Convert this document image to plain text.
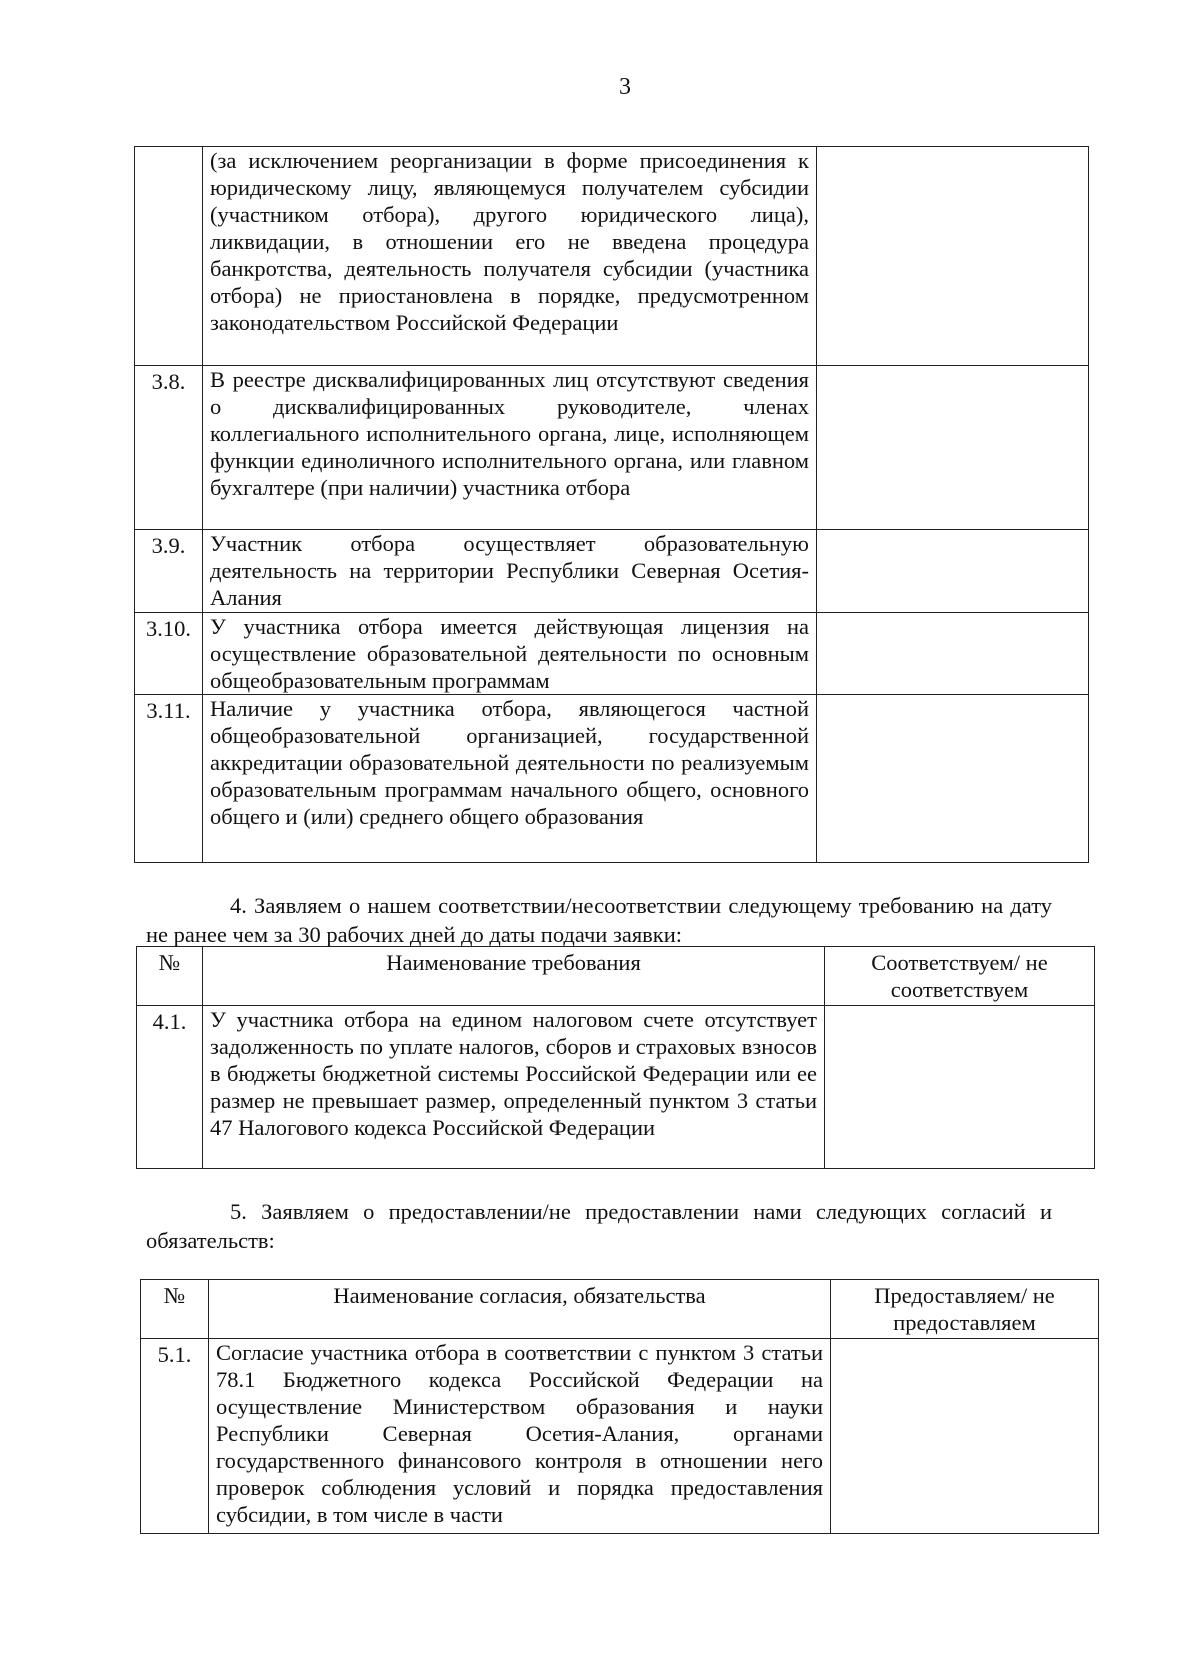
3
	(за исключением реорганизации в форме присоединения к юридическому лицу, являющемуся получателем субсидии (участником отбора), другого юридического лица), ликвидации, в отношении его не введена процедура банкротства, деятельность получателя субсидии (участника отбора) не приостановлена в порядке, предусмотренном законодательством Российской Федерации	
3.8.	В реестре дисквалифицированных лиц отсутствуют сведения о дисквалифицированных руководителе, членах коллегиального исполнительного органа, лице, исполняющем функции единоличного исполнительного органа, или главном бухгалтере (при наличии) участника отбора	
3.9.	Участник отбора осуществляет образовательную деятельность на территории Республики Северная Осетия-Алания	
3.10.	У участника отбора имеется действующая лицензия на осуществление образовательной деятельности по основным общеобразовательным программам	
3.11.	Наличие у участника отбора, являющегося частной общеобразовательной организацией, государственной аккредитации образовательной деятельности по реализуемым образовательным программам начального общего, основного общего и (или) среднего общего образования	
4. Заявляем о нашем соответствии/несоответствии следующему требованию на дату не ранее чем за 30 рабочих дней до даты подачи заявки:
№	Наименование требования	Соответствуем/ не соответствуем
4.1.	У участника отбора на едином налоговом счете отсутствует задолженность по уплате налогов, сборов и страховых взносов в бюджеты бюджетной системы Российской Федерации или ее размер не превышает размер, определенный пунктом 3 статьи 47 Налогового кодекса Российской Федерации	
5. Заявляем о предоставлении/не предоставлении нами следующих согласий и обязательств:
№	Наименование согласия, обязательства	Предоставляем/ не предоставляем
5.1.	Согласие участника отбора в соответствии с пунктом 3 статьи 78.1 Бюджетного кодекса Российской Федерации на осуществление Министерством образования и науки Республики Северная Осетия-Алания, органами государственного финансового контроля в отношении него проверок соблюдения условий и порядка предоставления субсидии, в том числе в части	
